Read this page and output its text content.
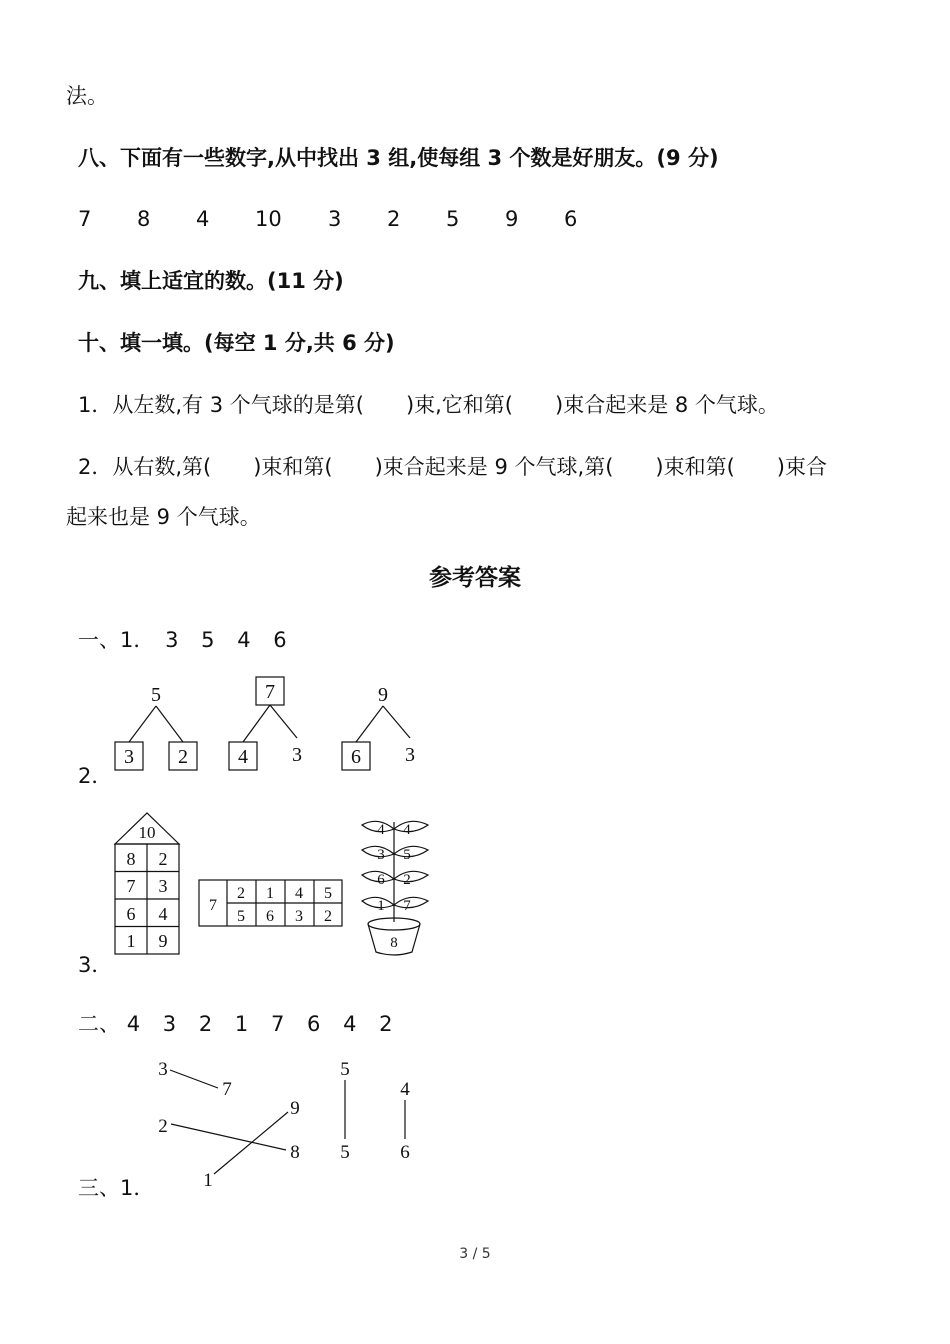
法。
八、下面有一些数字,从中找出 3 组,使每组 3 个数是好朋友。(9 分)
7 8 4 10 3 2 5 9 6
九、填上适宜的数。(11 分)
十、填一填。(每空 1 分,共 6 分)
1．从左数,有 3 个气球的是第(　　)束,它和第(　　)束合起来是 8 个气球。
2．从右数,第(　　)束和第(　　)束合起来是 9 个气球,第(　　)束和第(　　)束合
起来也是 9 个气球。
参考答案
一、1． 3 5 4 6
5
3 2
7
4 3
9
6 3
2．
10
8 2
7 3
6 4
1 9
7
2 1 4 5
5 6 3 2
4 4
3 5
6 2
1 7
8
3．
二、 4 3 2 1 7 6 4 2
3
2
1
7
9
8
5
5
4
6
三、1．
3 / 5
